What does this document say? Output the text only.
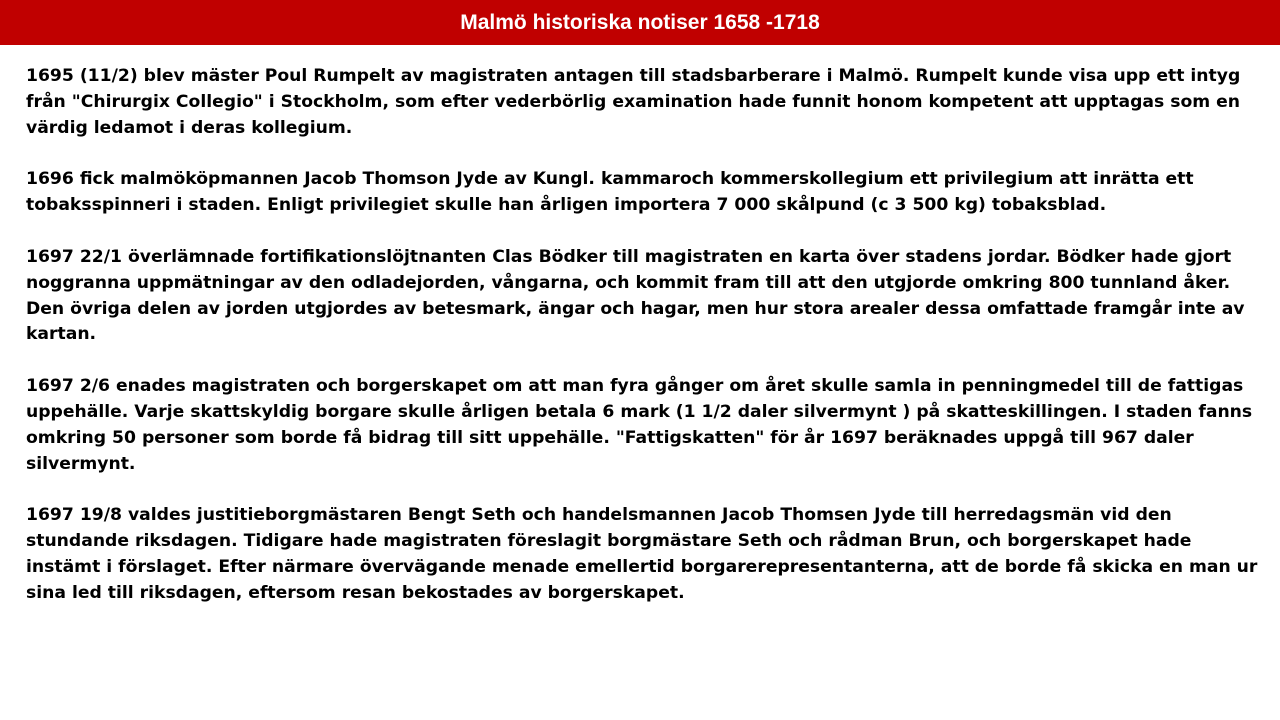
Malmö historiska notiser 1658 -1718

1695 (11/2) blev mäster Poul Rumpelt av magistraten antagen till stadsbarberare i Malmö. Rumpelt kunde visa upp ett intyg från "Chirurgix Collegio" i Stockholm, som efter vederbörlig examination hade funnit honom kompetent att upptagas som en värdig ledamot i deras kollegium.

1696 fick malmököpmannen Jacob Thomson Jyde av Kungl. kammaroch kommerskollegium ett privilegium att inrätta ett tobaksspinneri i staden. Enligt privilegiet skulle han årligen importera 7 000 skålpund (c 3 500 kg) tobaksblad.

1697 22/1 överlämnade fortifikationslöjtnanten Clas Bödker till magistraten en karta över stadens jordar. Bödker hade gjort noggranna uppmätningar av den odladejorden, vångarna, och kommit fram till att den utgjorde omkring 800 tunnland åker. Den övriga delen av jorden utgjordes av betesmark, ängar och hagar, men hur stora arealer dessa omfattade framgår inte av kartan.

1697 2/6 enades magistraten och borgerskapet om att man fyra gånger om året skulle samla in penningmedel till de fattigas uppehälle. Varje skattskyldig borgare skulle årligen betala 6 mark (1 1/2 daler silvermynt ) på skatteskillingen. I staden fanns omkring 50 personer som borde få bidrag till sitt uppehälle. "Fattigskatten" för år 1697 beräknades uppgå till 967 daler silvermynt.

1697 19/8 valdes justitieborgmästaren Bengt Seth och handelsmannen Jacob Thomsen Jyde till herredagsmän vid den stundande riksdagen. Tidigare hade magistraten föreslagit borgmästare Seth och rådman Brun, och borgerskapet hade instämt i förslaget. Efter närmare övervägande menade emellertid borgarerepresentanterna, att de borde få skicka en man ur sina led till riksdagen, eftersom resan bekostades av borgerskapet.
